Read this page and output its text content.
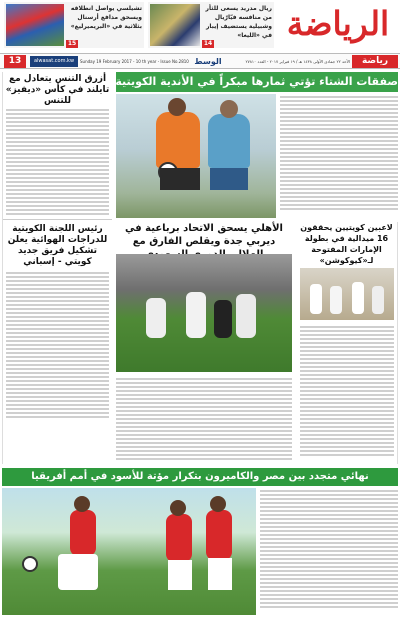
الرياضة
ريال مدريد يسعى للثأر من منافسه فيّارّيال وشبيلية يستضيف إيبار في «الليغا»
14
تشيلسي يواصل انطلاقه ويسحق مدافع أرسنال بثلاثية في «البريميرليغ»
15
رياضة
الأحد ٢٢ جمادى الأولى ١٤٣٨ هـ / ١٩ فبراير ٢٠١٧ - العدد ٢٧٨١٠
الوسط
Sunday 19 February 2017 - 10 th year - Issue No.2810
alwasat.com.kw
13
صفقات الشتاء تؤتي ثمارها مبكراً في الأندية الكويتية
أزرق التنس يتعادل مع تايلند في كأس «ديفيز» للتنس
رئيس اللجنة الكويتية للدراجات الهوائية يعلن تشكيل فريق جديد كويتي - إسباني
الأهلي يسحق الاتحاد برباعية في ديربي جدة ويقلص الفارق مع
لاعبين كويتيين يحققون 16 ميدالية في بطولة الإمارات المفتوحة لـ«كيوكوشن»
نهائي متجدد بين مصر والكاميرون بتكرار مؤتة للأسود في أمم أفريقيا
